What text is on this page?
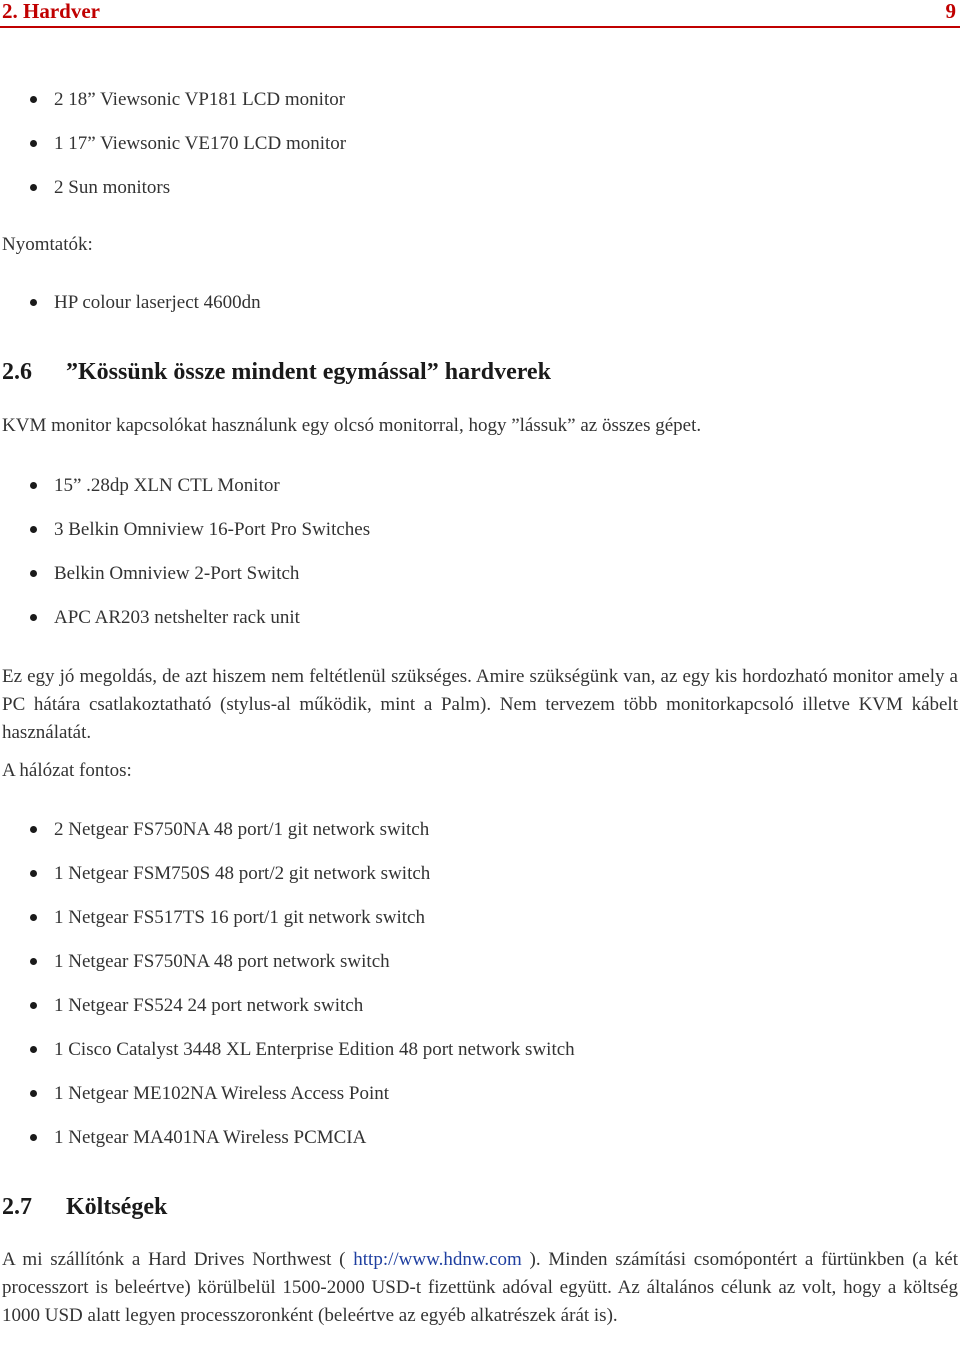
2. Hardver	9
2 18” Viewsonic VP181 LCD monitor
1 17” Viewsonic VE170 LCD monitor
2 Sun monitors
Nyomtatók:
HP colour laserject 4600dn
2.6 ”Kössünk össze mindent egymással” hardverek
KVM monitor kapcsolókat használunk egy olcsó monitorral, hogy ”lássuk” az összes gépet.
15” .28dp XLN CTL Monitor
3 Belkin Omniview 16-Port Pro Switches
Belkin Omniview 2-Port Switch
APC AR203 netshelter rack unit

Ez egy jó megoldás, de azt hiszem nem feltétlenül szükséges. Amire szükségünk van, az egy kis hordozható monitor amely a PC hátára csatlakoztatható (stylus-al működik, mint a Palm). Nem tervezem több monitorkapcsoló illetve KVM kábelt használatát.

A hálózat fontos:
2 Netgear FS750NA 48 port/1 git network switch
1 Netgear FSM750S 48 port/2 git network switch
1 Netgear FS517TS 16 port/1 git network switch
1 Netgear FS750NA 48 port network switch
1 Netgear FS524 24 port network switch
1 Cisco Catalyst 3448 XL Enterprise Edition 48 port network switch
1 Netgear ME102NA Wireless Access Point
1 Netgear MA401NA Wireless PCMCIA
2.7 Költségek

A mi szállítónk a Hard Drives Northwest ( http://www.hdnw.com ). Minden számítási csomópontért a fürtünkben (a két processzort is beleértve) körülbelül 1500-2000 USD-t fizettünk adóval együtt. Az általános célunk az volt, hogy a költség 1000 USD alatt legyen processzoronként (beleértve az egyéb alkatrészek árát is).
